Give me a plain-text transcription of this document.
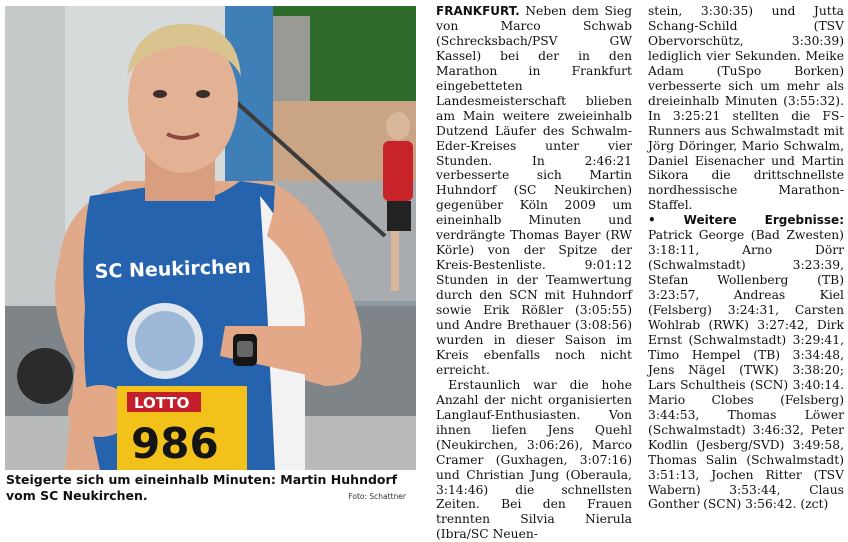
SC Neukirchen
LOTTO
986
Steigerte sich um eineinhalb Minuten: Martin Huhndorf vom SC Neukirchen.	Foto: Schattner

FRANKFURT. Neben dem Sieg von Marco Schwab (Schrecksbach/PSV GW Kassel) bei der in den Marathon in Frankfurt eingebetteten Landesmeisterschaft blieben am Main weitere zweieinhalb Dutzend Läufer des Schwalm-Eder-Kreises unter vier Stunden. In 2:46:21 verbesserte sich Martin Huhndorf (SC Neukirchen) gegenüber Köln 2009 um eineinhalb Minuten und verdrängte Thomas Bayer (RW Körle) von der Spitze der Kreis-Bestenliste. 9:01:12 Stunden in der Teamwertung durch den SCN mit Huhndorf sowie Erik Rößler (3:05:55) und Andre Brethauer (3:08:56) wurden in dieser Saison im Kreis ebenfalls noch nicht erreicht.

Erstaunlich war die hohe Anzahl der nicht organisierten Langlauf-Enthusiasten. Von ihnen liefen Jens Quehl (Neukirchen, 3:06:26), Marco Cramer (Guxhagen, 3:07:16) und Christian Jung (Oberaula, 3:14:46) die schnellsten Zeiten. Bei den Frauen trennten Silvia Nierula (Ibra/SC Neuen-

stein, 3:30:35) und Jutta Schang-Schild (TSV Obervorschütz, 3:30:39) lediglich vier Sekunden. Meike Adam (TuSpo Borken) verbesserte sich um mehr als dreieinhalb Minuten (3:55:32). In 3:25:21 stellten die FS-Runners aus Schwalmstadt mit Jörg Döringer, Mario Schwalm, Daniel Eisenacher und Martin Sikora die drittschnellste nordhessische Marathon-Staffel.

• Weitere Ergebnisse: Patrick George (Bad Zwesten) 3:18:11, Arno Dörr (Schwalmstadt) 3:23:39, Stefan Wollenberg (TB) 3:23:57, Andreas Kiel (Felsberg) 3:24:31, Carsten Wohlrab (RWK) 3:27:42, Dirk Ernst (Schwalmstadt) 3:29:41, Timo Hempel (TB) 3:34:48, Jens Nägel (TWK) 3:38:20; Lars Schultheis (SCN) 3:40:14. Mario Clobes (Felsberg) 3:44:53, Thomas Löwer (Schwalmstadt) 3:46:32, Peter Kodlin (Jesberg/SVD) 3:49:58, Thomas Salin (Schwalmstadt) 3:51:13, Jochen Ritter (TSV Wabern) 3:53:44, Claus Gonther (SCN) 3:56:42. (zct)
